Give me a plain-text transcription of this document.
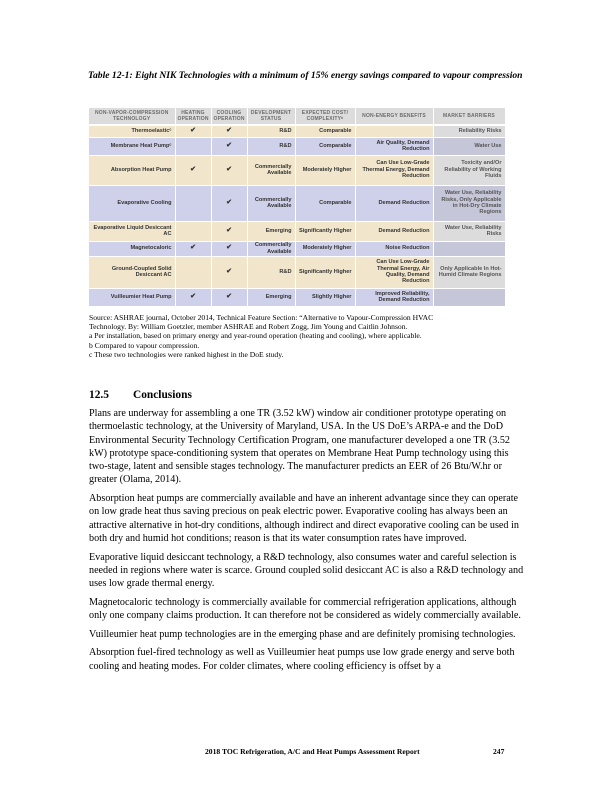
Table 12-1: Eight NIK Technologies with a minimum of 15% energy savings compared to vapour compression
NON-VAPOR-COMPRESSION TECHNOLOGY	HEATING OPERATION	COOLING OPERATION	DEVELOPMENT STATUS	EXPECTED COST/ COMPLEXITYᵇ	NON-ENERGY BENEFITS	MARKET BARRIERS
Thermoelasticᶜ	✔	✔	R&D	Comparable		Reliability Risks
Membrane Heat Pumpᶜ		✔	R&D	Comparable	Air Quality, Demand Reduction	Water Use
Absorption Heat Pump	✔	✔	Commercially Available	Moderately Higher	Can Use Low-Grade Thermal Energy, Demand Reduction	Toxicity and/Or Reliability of Working Fluids
Evaporative Cooling		✔	Commercially Available	Comparable	Demand Reduction	Water Use, Reliability Risks, Only Applicable in Hot-Dry Climate Regions
Evaporative Liquid Desiccant AC		✔	Emerging	Significantly Higher	Demand Reduction	Water Use, Reliability Risks
Magnetocaloric	✔	✔	Commercially Available	Moderately Higher	Noise Reduction	
Ground-Coupled Solid Desiccant AC		✔	R&D	Significantly Higher	Can Use Low-Grade Thermal Energy, Air Quality, Demand Reduction	Only Applicable In Hot-Humid Climate Regions
Vuilleumier Heat Pump	✔	✔	Emerging	Slightly Higher	Improved Reliability, Demand Reduction	
Source: ASHRAE journal, October 2014, Technical Feature Section: “Alternative to Vapour-Compression HVAC
Technology. By: William Goetzler, member ASHRAE and Robert Zogg, Jim Young and Caitlin Johnson.
a Per installation, based on primary energy and year-round operation (heating and cooling), where applicable.
b Compared to vapour compression.
c These two technologies were ranked highest in the DoE study.
12.5 Conclusions

Plans are underway for assembling a one TR (3.52 kW) window air conditioner prototype operating on thermoelastic technology, at the University of Maryland, USA. In the US DoE’s ARPA-e and the DoD Environmental Security Technology Certification Program, one manufacturer developed a one TR (3.52 kW) prototype space-conditioning system that operates on Membrane Heat Pump technology using this two-stage, latent and sensible stages technology. The manufacturer predicts an EER of 26 Btu/W.hr or greater (Olama, 2014).

Absorption heat pumps are commercially available and have an inherent advantage since they can operate on low grade heat thus saving precious on peak electric power. Evaporative cooling has always been an attractive alternative in hot-dry conditions, although indirect and direct evaporative cooling can be used in both dry and humid hot conditions; reason is that its water consumption rates have improved.

Evaporative liquid desiccant technology, a R&D technology, also consumes water and careful selection is needed in regions where water is scarce. Ground coupled solid desiccant AC is also a R&D technology and uses low grade thermal energy.

Magnetocaloric technology is commercially available for commercial refrigeration applications, although only one company claims production. It can therefore not be considered as widely commercially available.

Vuilleumier heat pump technologies are in the emerging phase and are definitely promising technologies.

Absorption fuel-fired technology as well as Vuilleumier heat pumps use low grade energy and serve both cooling and heating modes. For colder climates, where cooling efficiency is offset by a

2018 TOC Refrigeration, A/C and Heat Pumps Assessment Report	247
